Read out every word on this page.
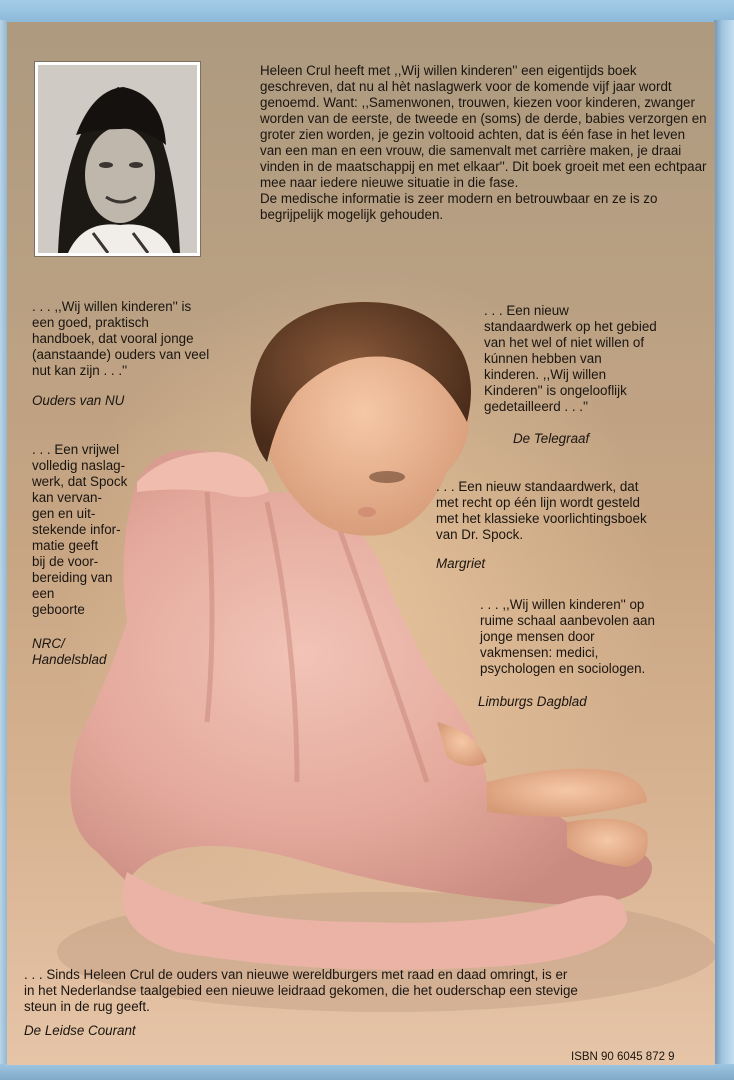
Heleen Crul heeft met ,,Wij willen kinderen'' een eigentijds boek geschreven, dat nu al hèt naslagwerk voor de komende vijf jaar wordt genoemd. Want: ,,Samenwonen, trouwen, kiezen voor kinderen, zwanger worden van de eerste, de tweede en (soms) de derde, babies verzorgen en groter zien worden, je gezin voltooid achten, dat is één fase in het leven van een man en een vrouw, die samenvalt met carrière maken, je draai vinden in de maatschappij en met elkaar''. Dit boek groeit met een echtpaar mee naar iedere nieuwe situatie in die fase.
De medische informatie is zeer modern en betrouwbaar en ze is zo begrijpelijk mogelijk gehouden.
. . . ,,Wij willen kinderen'' is
een goed, praktisch
handboek, dat vooral jonge
(aanstaande) ouders van veel
nut kan zijn . . .''
Ouders van NU
. . . Een vrijwel
volledig naslag-
werk, dat Spock
kan vervan-
gen en uit-
stekende infor-
matie geeft
bij de voor-
bereiding van
een
geboorte
NRC/
Handelsblad
. . . Een nieuw
standaardwerk op het gebied
van het wel of niet willen of
kúnnen hebben van
kinderen. ,,Wij willen
Kinderen'' is ongelooflijk
gedetailleerd . . .''
De Telegraaf
. . . Een nieuw standaardwerk, dat
met recht op één lijn wordt gesteld
met het klassieke voorlichtingsboek
van Dr. Spock.
Margriet
. . . ,,Wij willen kinderen'' op
ruime schaal aanbevolen aan
jonge mensen door
vakmensen: medici,
psychologen en sociologen.
Limburgs Dagblad
. . . Sinds Heleen Crul de ouders van nieuwe wereldburgers met raad en daad omringt, is er
in het Nederlandse taalgebied een nieuwe leidraad gekomen, die het ouderschap een stevige
steun in de rug geeft.
De Leidse Courant
ISBN 90 6045 872 9
